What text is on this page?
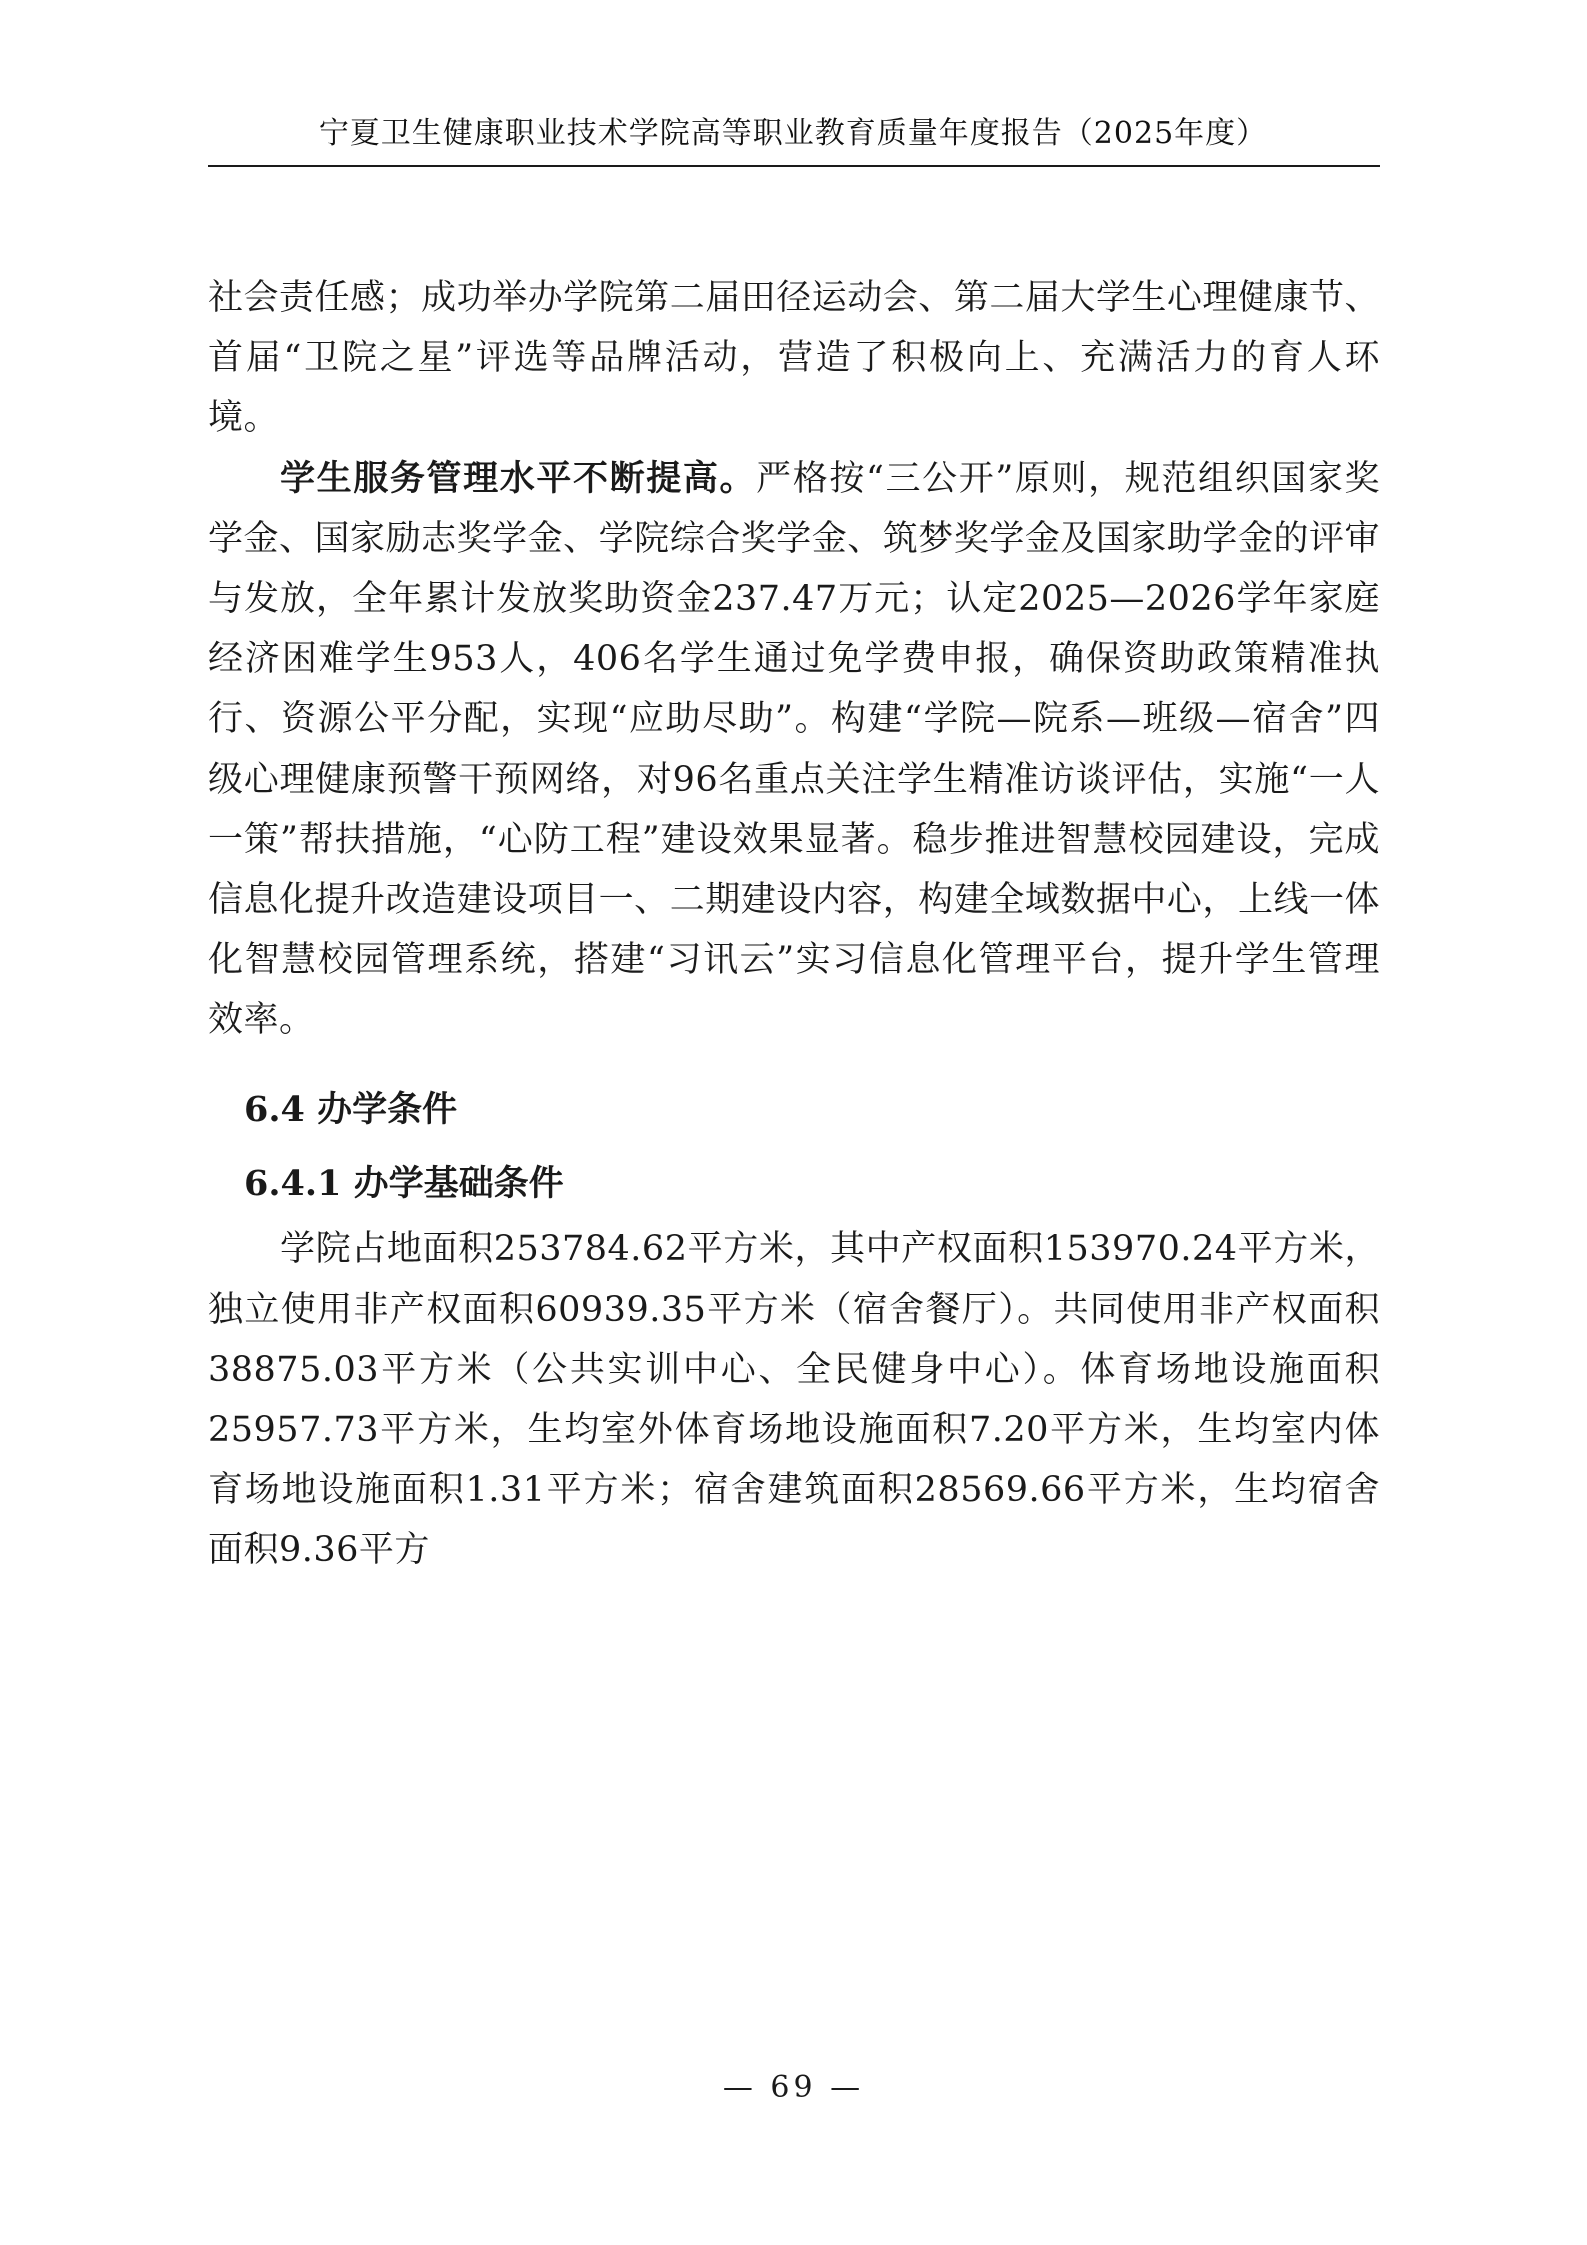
宁夏卫生健康职业技术学院高等职业教育质量年度报告（2025年度）

社会责任感；成功举办学院第二届田径运动会、第二届大学生心理健康节、首届“卫院之星”评选等品牌活动，营造了积极向上、充满活力的育人环境。

学生服务管理水平不断提高。严格按“三公开”原则，规范组织国家奖学金、国家励志奖学金、学院综合奖学金、筑梦奖学金及国家助学金的评审与发放，全年累计发放奖助资金237.47万元；认定2025—2026学年家庭经济困难学生953人，406名学生通过免学费申报，确保资助政策精准执行、资源公平分配，实现“应助尽助”。构建“学院—院系—班级—宿舍”四级心理健康预警干预网络，对96名重点关注学生精准访谈评估，实施“一人一策”帮扶措施，“心防工程”建设效果显著。稳步推进智慧校园建设，完成信息化提升改造建设项目一、二期建设内容，构建全域数据中心，上线一体化智慧校园管理系统，搭建“习讯云”实习信息化管理平台，提升学生管理效率。

6.4 办学条件
6.4.1 办学基础条件

学院占地面积253784.62平方米，其中产权面积153970.24平方米，独立使用非产权面积60939.35平方米（宿舍餐厅）。共同使用非产权面积38875.03平方米（公共实训中心、全民健身中心）。体育场地设施面积25957.73平方米，生均室外体育场地设施面积7.20平方米，生均室内体育场地设施面积1.31平方米；宿舍建筑面积28569.66平方米，生均宿舍面积9.36平方

— 69 —
